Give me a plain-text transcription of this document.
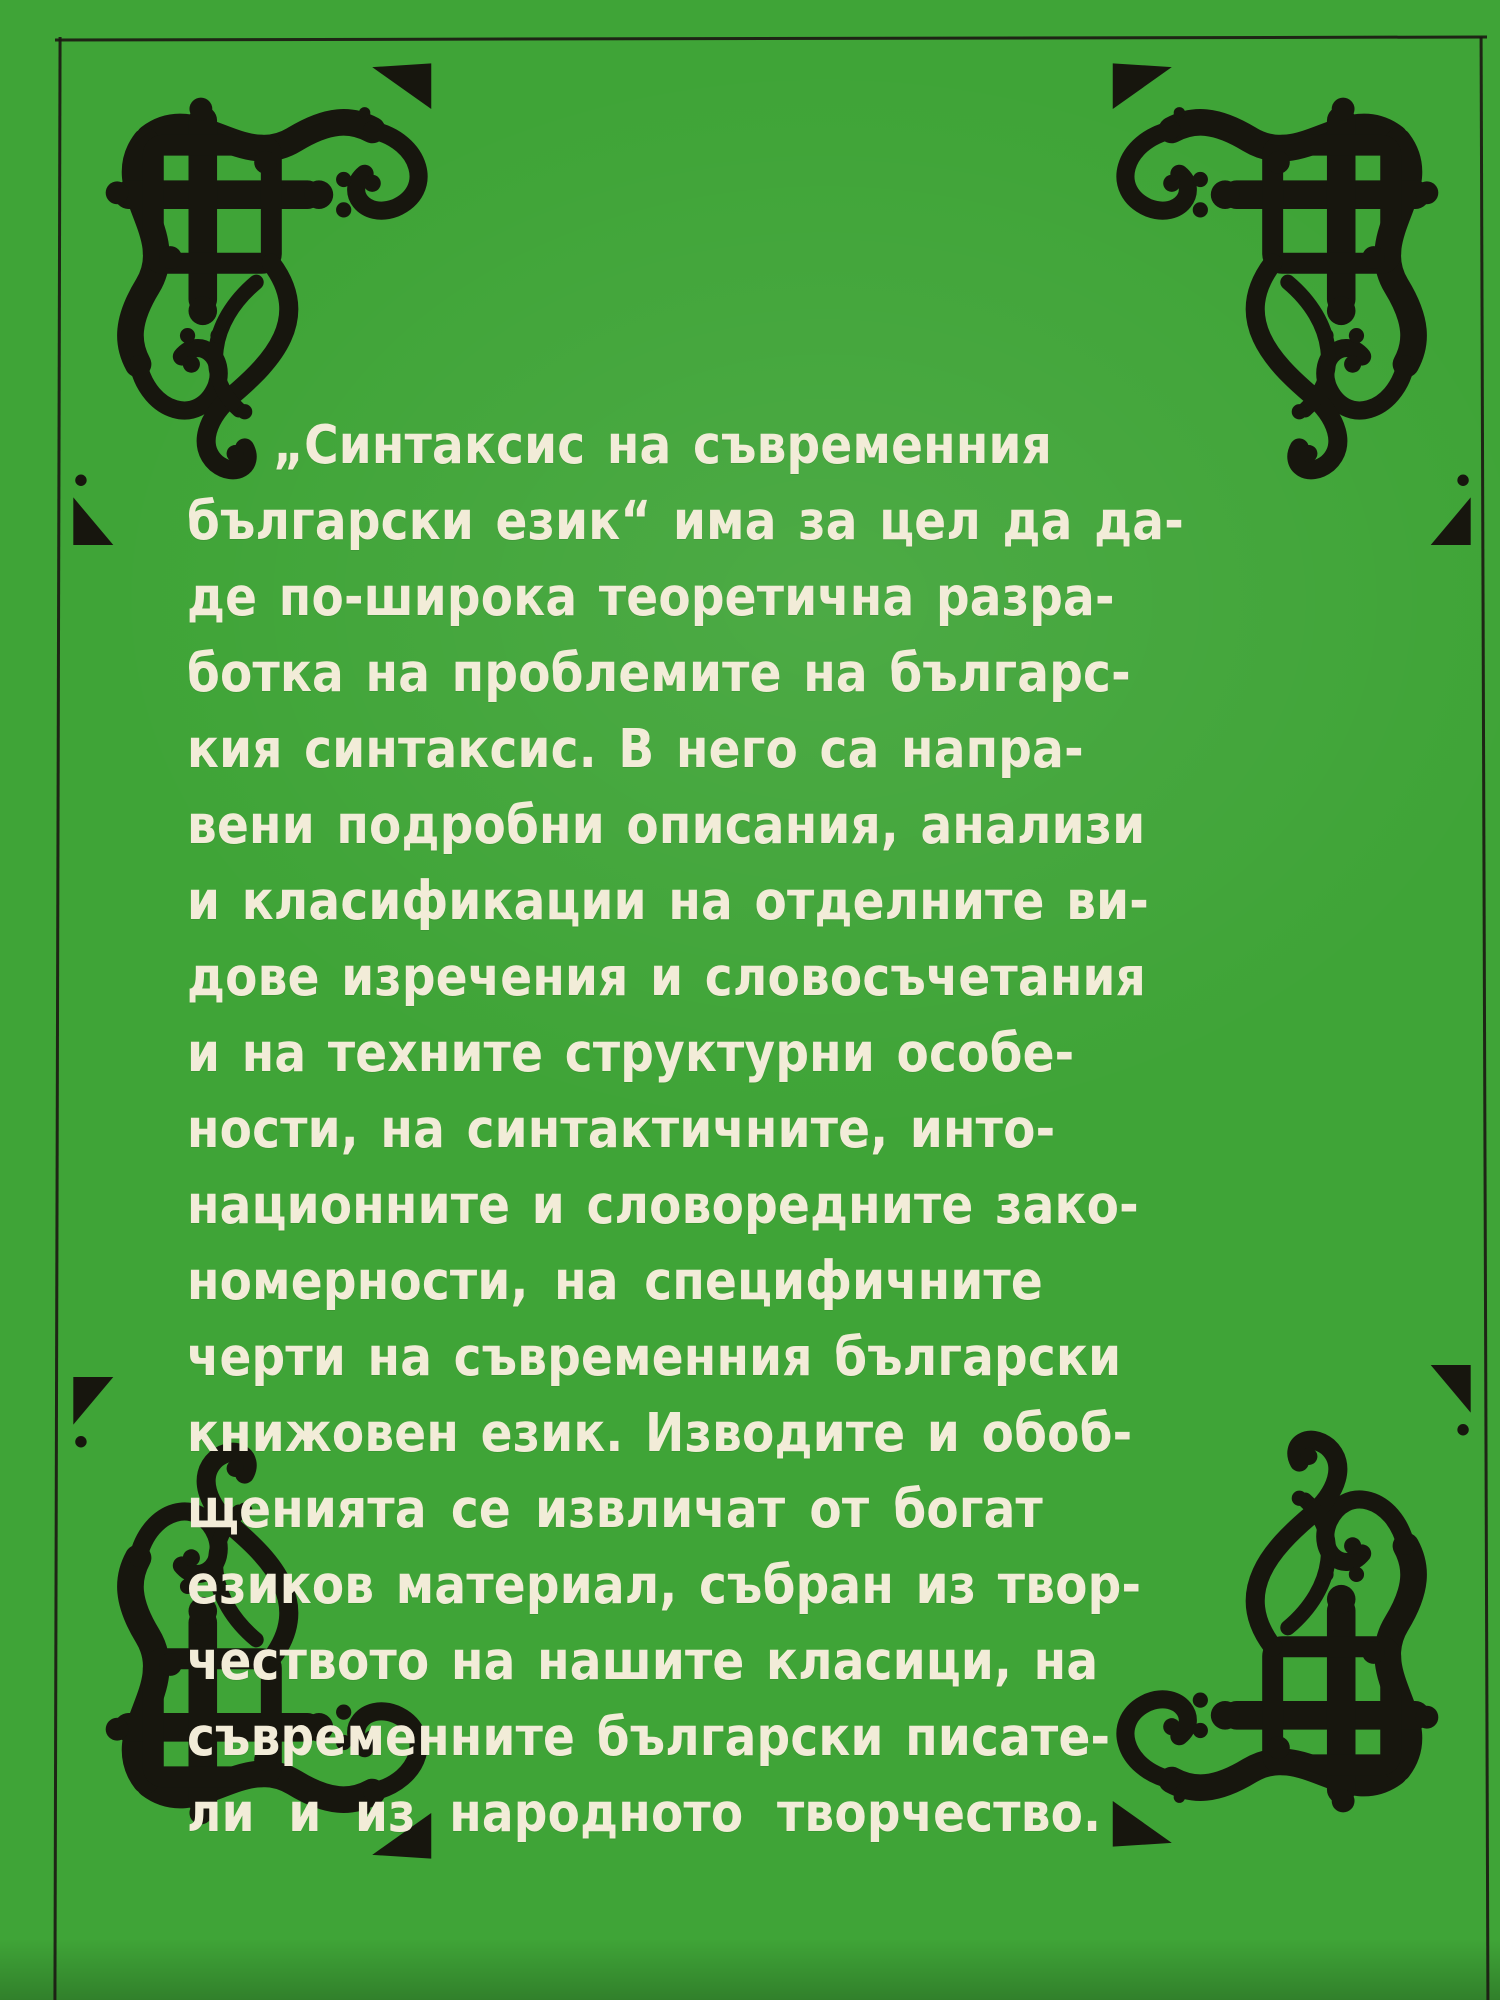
„Синтаксис на съвременния
български език“ има за цел да да-
де по-широка теоретична разра-
ботка на проблемите на българс-
кия синтаксис. В него са напра-
вени подробни описания, анализи
и класификации на отделните ви-
дове изречения и словосъчетания
и на техните структурни особе-
ности, на синтактичните, инто-
национните и словоредните зако-
номерности, на специфичните
черти на съвременния български
книжовен език. Изводите и обоб-
щенията се извличат от богат
езиков материал, събран из твор-
чеството на нашите класици, на
съвременните български писате-
ли и из народното творчество.
